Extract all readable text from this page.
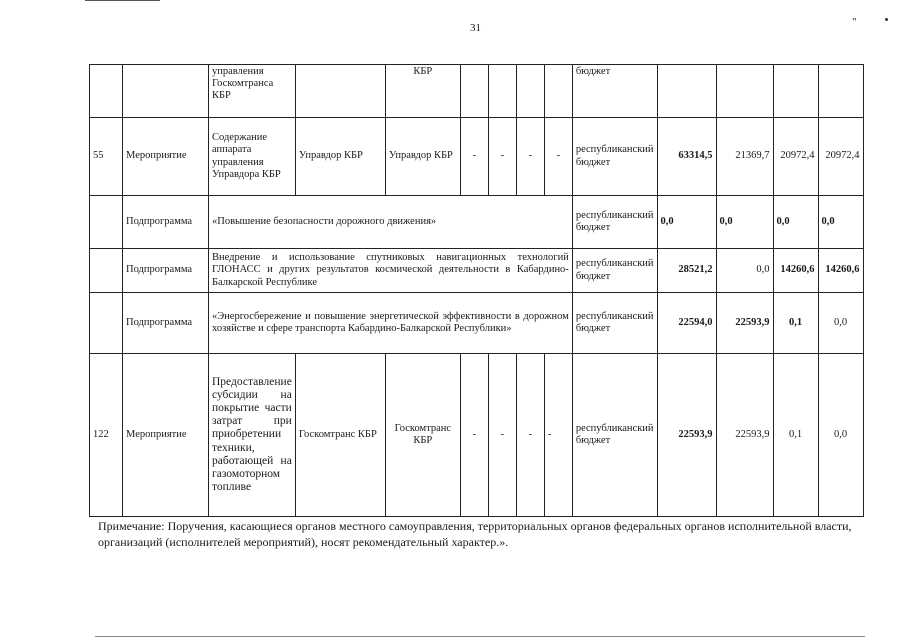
31	"
		управления Госкомтранса КБР		КБР					бюджет				
55	Мероприятие	Содержание аппарата управления Управдора КБР	Управдор КБР	Управдор КБР	-	-	-	-	республиканский бюджет	63314,5	21369,7	20972,4	20972,4
	Подпрограмма	«Повышение безопасности дорожного движения»							республиканский бюджет	0,0	0,0	0,0	0,0
	Подпрограмма	Внедрение и использование спутниковых навигационных технологий ГЛОНАСС и других результатов космической деятельности в Кабардино-Балкарской Республике							республиканский бюджет	28521,2	0,0	14260,6	14260,6
	Подпрограмма	«Энергосбережение и повышение энергетической эффективности в дорожном хозяйстве и сфере транспорта Кабардино-Балкарской Республики»							республиканский бюджет	22594,0	22593,9	0,1	0,0
122	Мероприятие	Предоставление субсидии на покрытие части затрат при приобретении техники, работающей на газомоторном топливе	Госкомтранс КБР	Госкомтранс КБР	-	-	-	-	республиканский бюджет	22593,9	22593,9	0,1	0,0
Примечание: Поручения, касающиеся органов местного самоуправления, территориальных органов федеральных органов исполнительной власти, организаций (исполнителей мероприятий), носят рекомендательный характер.».
